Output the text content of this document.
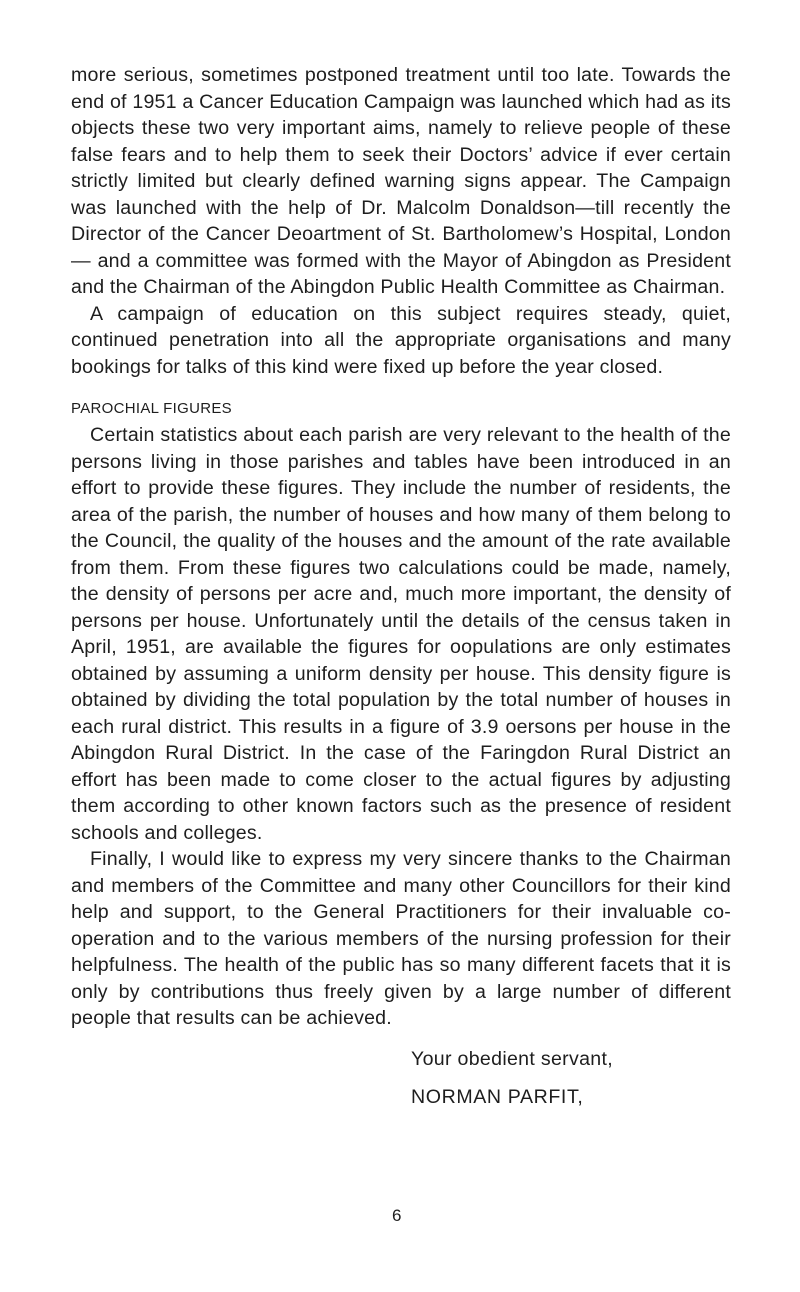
more serious, sometimes postponed treatment until too late. Towards the end of 1951 a Cancer Education Campaign was launched which had as its objects these two very important aims, namely to relieve people of these false fears and to help them to seek their Doctors’ advice if ever certain strictly limited but clearly defined warning signs appear. The Campaign was launched with the help of Dr. Malcolm Donaldson—till recently the Director of the Cancer Deoartment of St. Bartholomew’s Hospital, London— and a committee was formed with the Mayor of Abingdon as President and the Chairman of the Abingdon Public Health Committee as Chairman.

A campaign of education on this subject requires steady, quiet, continued penetration into all the appropriate organisations and many bookings for talks of this kind were fixed up before the year closed.

PAROCHIAL FIGURES

Certain statistics about each parish are very relevant to the health of the persons living in those parishes and tables have been introduced in an effort to provide these figures. They include the number of residents, the area of the parish, the number of houses and how many of them belong to the Council, the quality of the houses and the amount of the rate available from them. From these figures two calculations could be made, namely, the density of persons per acre and, much more important, the density of persons per house. Unfortunately until the details of the census taken in April, 1951, are available the figures for oopulations are only estimates obtained by assuming a uniform density per house. This density figure is obtained by dividing the total population by the total number of houses in each rural district. This results in a figure of 3.9 oersons per house in the Abingdon Rural District. In the case of the Faringdon Rural District an effort has been made to come closer to the actual figures by adjusting them according to other known factors such as the presence of resident schools and colleges.

Finally, I would like to express my very sincere thanks to the Chairman and members of the Committee and many other Councillors for their kind help and support, to the General Practitioners for their invaluable co-operation and to the various members of the nursing profession for their helpfulness. The health of the public has so many different facets that it is only by contributions thus freely given by a large number of different people that results can be achieved.

Your obedient servant,

NORMAN PARFIT,

6
